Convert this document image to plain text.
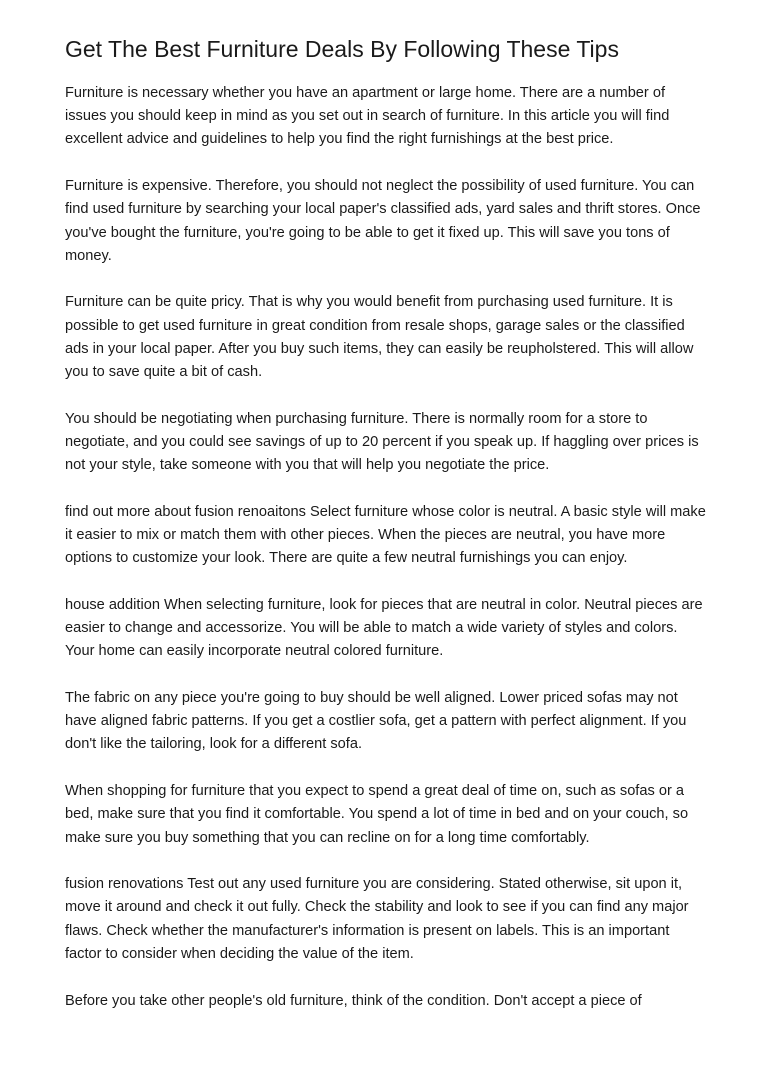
Get The Best Furniture Deals By Following These Tips

Furniture is necessary whether you have an apartment or large home. There are a number of issues you should keep in mind as you set out in search of furniture. In this article you will find excellent advice and guidelines to help you find the right furnishings at the best price.

Furniture is expensive. Therefore, you should not neglect the possibility of used furniture. You can find used furniture by searching your local paper's classified ads, yard sales and thrift stores. Once you've bought the furniture, you're going to be able to get it fixed up. This will save you tons of money.

Furniture can be quite pricy. That is why you would benefit from purchasing used furniture. It is possible to get used furniture in great condition from resale shops, garage sales or the classified ads in your local paper. After you buy such items, they can easily be reupholstered. This will allow you to save quite a bit of cash.

You should be negotiating when purchasing furniture. There is normally room for a store to negotiate, and you could see savings of up to 20 percent if you speak up. If haggling over prices is not your style, take someone with you that will help you negotiate the price.

find out more about fusion renoaitons Select furniture whose color is neutral. A basic style will make it easier to mix or match them with other pieces. When the pieces are neutral, you have more options to customize your look. There are quite a few neutral furnishings you can enjoy.

house addition When selecting furniture, look for pieces that are neutral in color. Neutral pieces are easier to change and accessorize. You will be able to match a wide variety of styles and colors. Your home can easily incorporate neutral colored furniture.

The fabric on any piece you're going to buy should be well aligned. Lower priced sofas may not have aligned fabric patterns. If you get a costlier sofa, get a pattern with perfect alignment. If you don't like the tailoring, look for a different sofa.

When shopping for furniture that you expect to spend a great deal of time on, such as sofas or a bed, make sure that you find it comfortable. You spend a lot of time in bed and on your couch, so make sure you buy something that you can recline on for a long time comfortably.

fusion renovations Test out any used furniture you are considering. Stated otherwise, sit upon it, move it around and check it out fully. Check the stability and look to see if you can find any major flaws. Check whether the manufacturer's information is present on labels. This is an important factor to consider when deciding the value of the item.

Before you take other people's old furniture, think of the condition. Don't accept a piece of
